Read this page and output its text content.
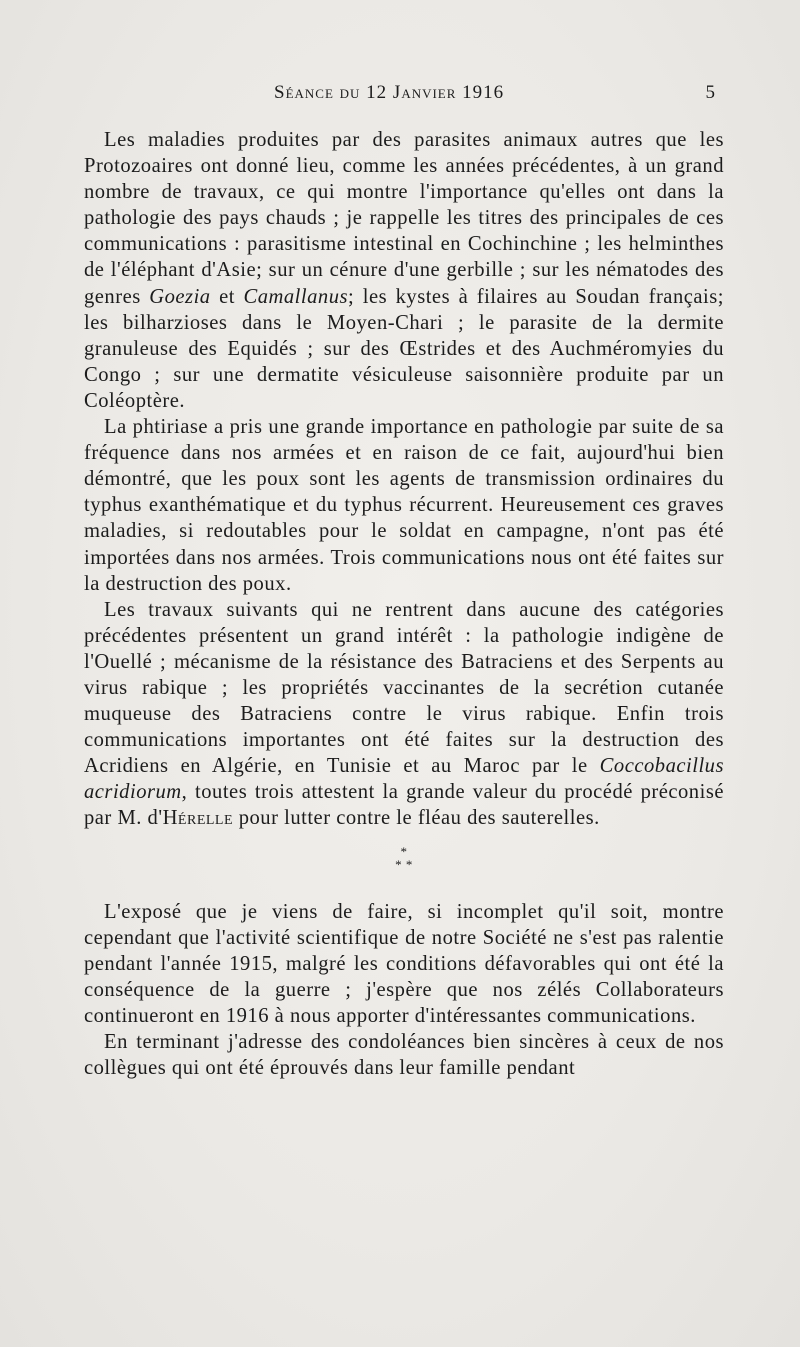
Séance du 12 Janvier 1916	5

Les maladies produites par des parasites animaux autres que les Protozoaires ont donné lieu, comme les années précédentes, à un grand nombre de travaux, ce qui montre l'importance qu'elles ont dans la pathologie des pays chauds ; je rappelle les titres des principales de ces communications : parasitisme intestinal en Cochinchine ; les helminthes de l'éléphant d'Asie; sur un cénure d'une gerbille ; sur les nématodes des genres Goezia et Camallanus; les kystes à filaires au Soudan français; les bilharzioses dans le Moyen-Chari ; le parasite de la dermite granuleuse des Equidés ; sur des Œstrides et des Auchméromyies du Congo ; sur une dermatite vésiculeuse saisonnière produite par un Coléoptère.

La phtiriase a pris une grande importance en pathologie par suite de sa fréquence dans nos armées et en raison de ce fait, aujourd'hui bien démontré, que les poux sont les agents de transmission ordinaires du typhus exanthématique et du typhus récurrent. Heureusement ces graves maladies, si redoutables pour le soldat en campagne, n'ont pas été importées dans nos armées. Trois communications nous ont été faites sur la destruction des poux.

Les travaux suivants qui ne rentrent dans aucune des catégories précédentes présentent un grand intérêt : la pathologie indigène de l'Ouellé ; mécanisme de la résistance des Batraciens et des Serpents au virus rabique ; les propriétés vaccinantes de la secrétion cutanée muqueuse des Batraciens contre le virus rabique. Enfin trois communications importantes ont été faites sur la destruction des Acridiens en Algérie, en Tunisie et au Maroc par le Coccobacillus acridiorum, toutes trois attestent la grande valeur du procédé préconisé par M. d'Hérelle pour lutter contre le fléau des sauterelles.

*
* *

L'exposé que je viens de faire, si incomplet qu'il soit, montre cependant que l'activité scientifique de notre Société ne s'est pas ralentie pendant l'année 1915, malgré les conditions défavorables qui ont été la conséquence de la guerre ; j'espère que nos zélés Collaborateurs continueront en 1916 à nous apporter d'intéressantes communications.

En terminant j'adresse des condoléances bien sincères à ceux de nos collègues qui ont été éprouvés dans leur famille pendant
